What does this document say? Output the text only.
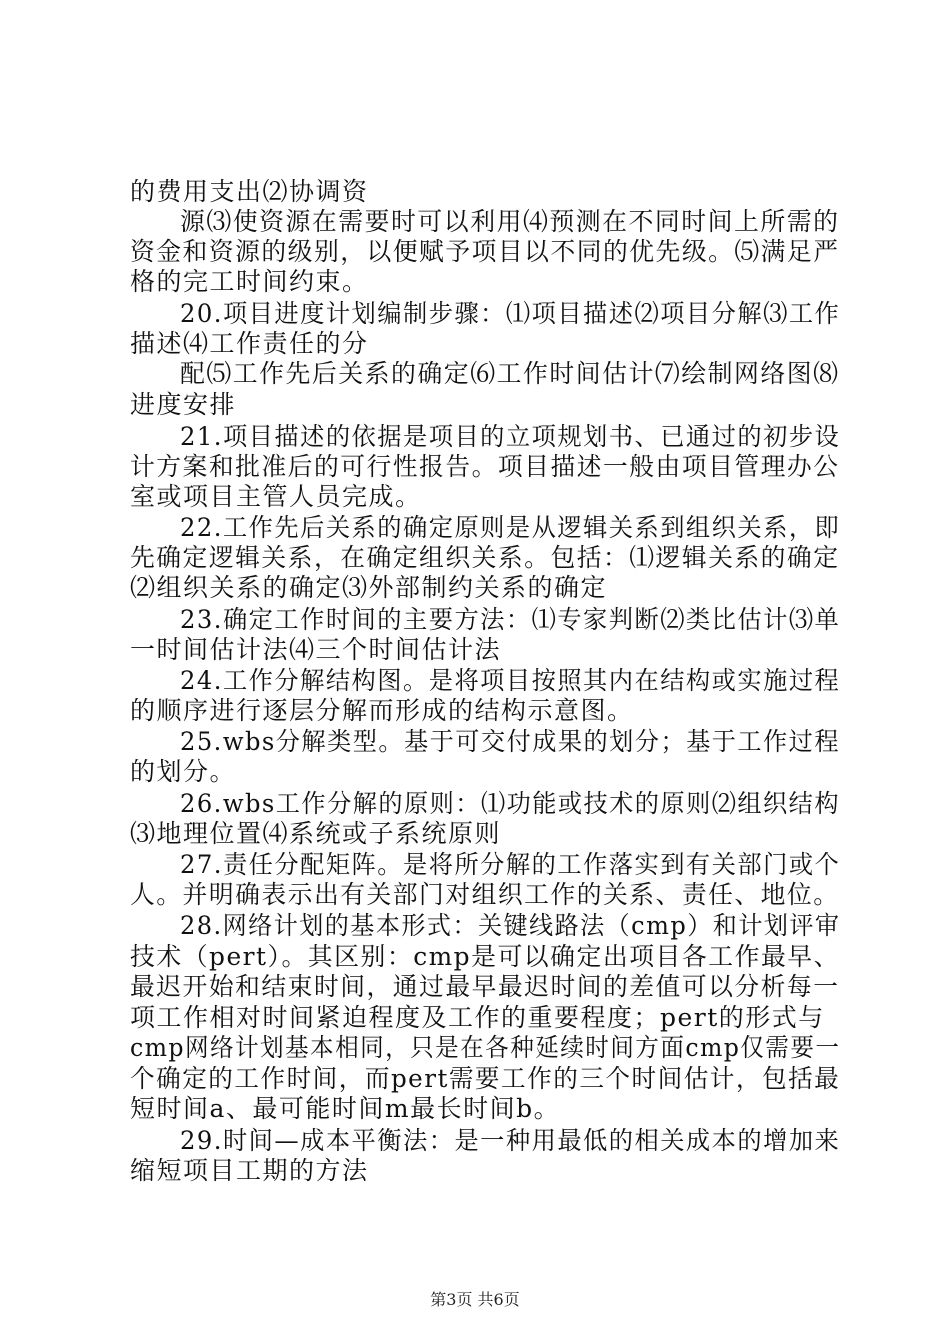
的费用支出⑵协调资
源⑶使资源在需要时可以利用⑷预测在不同时间上所需的
资金和资源的级别，以便赋予项目以不同的优先级。⑸满足严
格的完工时间约束。
20.项目进度计划编制步骤：⑴项目描述⑵项目分解⑶工作
描述⑷工作责任的分
配⑸工作先后关系的确定⑹工作时间估计⑺绘制网络图⑻
进度安排
21.项目描述的依据是项目的立项规划书、已通过的初步设
计方案和批准后的可行性报告。项目描述一般由项目管理办公
室或项目主管人员完成。
22.工作先后关系的确定原则是从逻辑关系到组织关系，即
先确定逻辑关系，在确定组织关系。包括：⑴逻辑关系的确定
⑵组织关系的确定⑶外部制约关系的确定
23.确定工作时间的主要方法：⑴专家判断⑵类比估计⑶单
一时间估计法⑷三个时间估计法
24.工作分解结构图。是将项目按照其内在结构或实施过程
的顺序进行逐层分解而形成的结构示意图。
25.wbs分解类型。基于可交付成果的划分；基于工作过程
的划分。
26.wbs工作分解的原则：⑴功能或技术的原则⑵组织结构
⑶地理位置⑷系统或子系统原则
27.责任分配矩阵。是将所分解的工作落实到有关部门或个
人。并明确表示出有关部门对组织工作的关系、责任、地位。
28.网络计划的基本形式：关键线路法（cmp）和计划评审
技术（pert）。其区别：cmp是可以确定出项目各工作最早、
最迟开始和结束时间，通过最早最迟时间的差值可以分析每一
项工作相对时间紧迫程度及工作的重要程度；pert的形式与
cmp网络计划基本相同，只是在各种延续时间方面cmp仅需要一
个确定的工作时间，而pert需要工作的三个时间估计，包括最
短时间a、最可能时间m最长时间b。
29.时间—成本平衡法：是一种用最低的相关成本的增加来
缩短项目工期的方法
第3页 共6页
